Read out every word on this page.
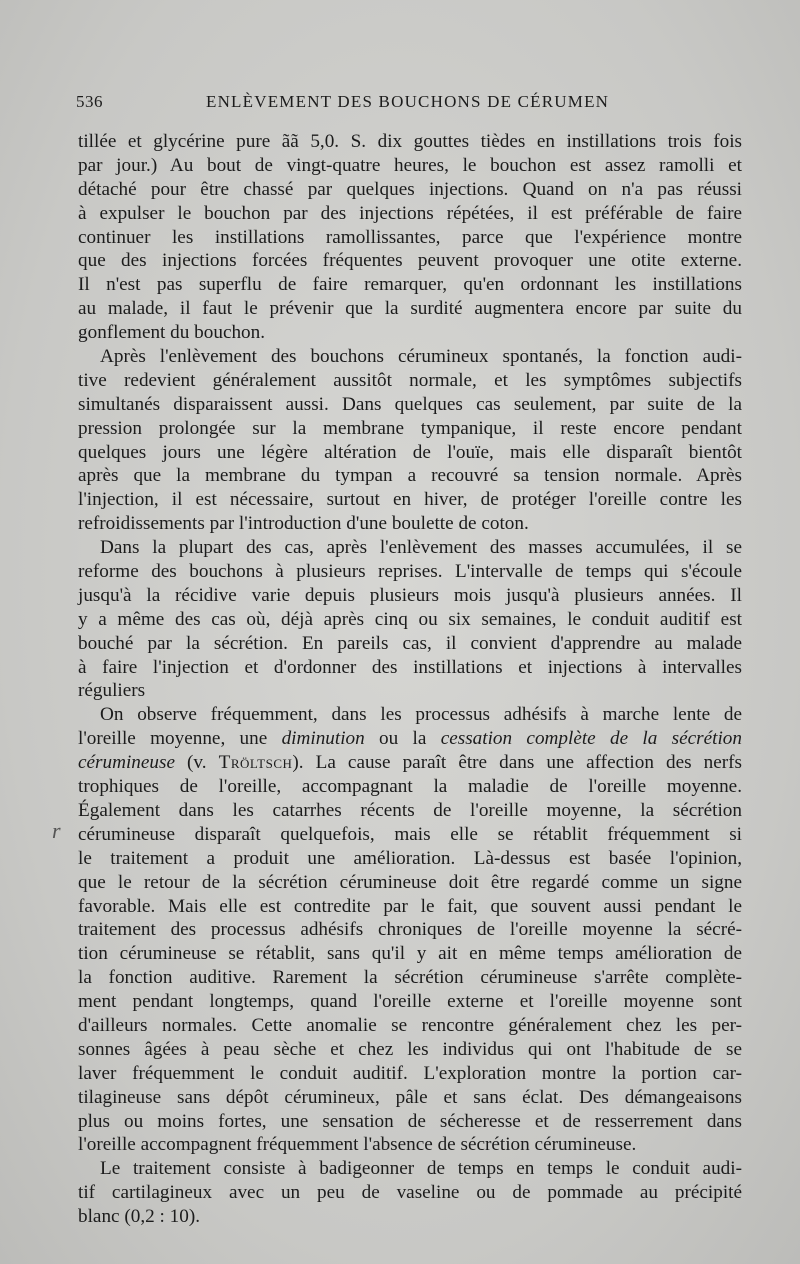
536	ENLÈVEMENT DES BOUCHONS DE CÉRUMEN
r
tillée et glycérine pure ãã 5,0. S. dix gouttes tièdes en instillations trois fois
par jour.) Au bout de vingt-quatre heures, le bouchon est assez ramolli et
détaché pour être chassé par quelques injections. Quand on n'a pas réussi
à expulser le bouchon par des injections répétées, il est préférable de faire
continuer les instillations ramollissantes, parce que l'expérience montre
que des injections forcées fréquentes peuvent provoquer une otite externe.
Il n'est pas superflu de faire remarquer, qu'en ordonnant les instillations
au malade, il faut le prévenir que la surdité augmentera encore par suite du
gonflement du bouchon.
Après l'enlèvement des bouchons cérumineux spontanés, la fonction audi-
tive redevient généralement aussitôt normale, et les symptômes subjectifs
simultanés disparaissent aussi. Dans quelques cas seulement, par suite de la
pression prolongée sur la membrane tympanique, il reste encore pendant
quelques jours une légère altération de l'ouïe, mais elle disparaît bientôt
après que la membrane du tympan a recouvré sa tension normale. Après
l'injection, il est nécessaire, surtout en hiver, de protéger l'oreille contre les
refroidissements par l'introduction d'une boulette de coton.
Dans la plupart des cas, après l'enlèvement des masses accumulées, il se
reforme des bouchons à plusieurs reprises. L'intervalle de temps qui s'écoule
jusqu'à la récidive varie depuis plusieurs mois jusqu'à plusieurs années. Il
y a même des cas où, déjà après cinq ou six semaines, le conduit auditif est
bouché par la sécrétion. En pareils cas, il convient d'apprendre au malade
à faire l'injection et d'ordonner des instillations et injections à intervalles
réguliers
On observe fréquemment, dans les processus adhésifs à marche lente de
l'oreille moyenne, une diminution ou la cessation complète de la sécrétion
cérumineuse (v. Tröltsch). La cause paraît être dans une affection des nerfs
trophiques de l'oreille, accompagnant la maladie de l'oreille moyenne.
Également dans les catarrhes récents de l'oreille moyenne, la sécrétion
cérumineuse disparaît quelquefois, mais elle se rétablit fréquemment si
le traitement a produit une amélioration. Là-dessus est basée l'opinion,
que le retour de la sécrétion cérumineuse doit être regardé comme un signe
favorable. Mais elle est contredite par le fait, que souvent aussi pendant le
traitement des processus adhésifs chroniques de l'oreille moyenne la sécré-
tion cérumineuse se rétablit, sans qu'il y ait en même temps amélioration de
la fonction auditive. Rarement la sécrétion cérumineuse s'arrête complète-
ment pendant longtemps, quand l'oreille externe et l'oreille moyenne sont
d'ailleurs normales. Cette anomalie se rencontre généralement chez les per-
sonnes âgées à peau sèche et chez les individus qui ont l'habitude de se
laver fréquemment le conduit auditif. L'exploration montre la portion car-
tilagineuse sans dépôt cérumineux, pâle et sans éclat. Des démangeaisons
plus ou moins fortes, une sensation de sécheresse et de resserrement dans
l'oreille accompagnent fréquemment l'absence de sécrétion cérumineuse.
Le traitement consiste à badigeonner de temps en temps le conduit audi-
tif cartilagineux avec un peu de vaseline ou de pommade au précipité
blanc (0,2 : 10).
